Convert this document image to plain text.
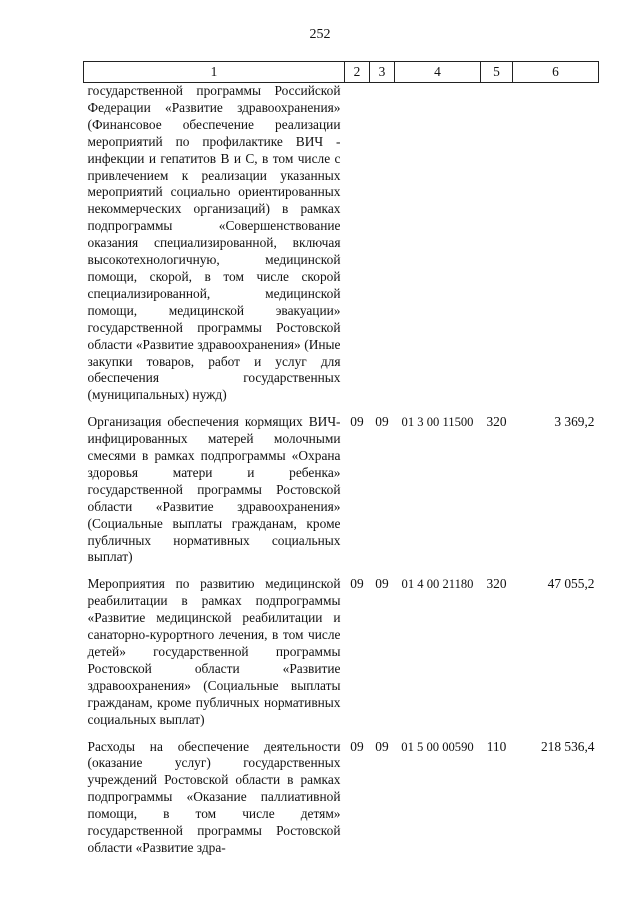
252
1	2	3	4	5	6
государственной программы Российской Федерации «Развитие здравоохранения» (Финансовое обеспечение реализации мероприятий по профилактике ВИЧ - инфекции и гепатитов В и С, в том числе с привлечением к реализации указанных мероприятий социально ориентированных некоммерческих организаций) в рамках подпрограммы «Совершенствование оказания специализированной, включая высокотехнологичную, медицинской помощи, скорой, в том числе скорой специализированной, медицинской помощи, медицинской эвакуации» государственной программы Ростовской области «Развитие здравоохранения» (Иные закупки товаров, работ и услуг для обеспечения государственных (муниципальных) нужд)					
Организация обеспечения кормящих ВИЧ-инфицированных матерей молочными смесями в рамках подпрограммы «Охрана здоровья матери и ребенка» государственной программы Ростовской области «Развитие здравоохранения» (Социальные выплаты гражданам, кроме публичных нормативных социальных выплат)	09	09	01 3 00 11500	320	3 369,2
Мероприятия по развитию медицинской реабилитации в рамках подпрограммы «Развитие медицинской реабилитации и санаторно-курортного лечения, в том числе детей» государственной программы Ростовской области «Развитие здравоохранения» (Социальные выплаты гражданам, кроме публичных нормативных социальных выплат)	09	09	01 4 00 21180	320	47 055,2
Расходы на обеспечение деятельности (оказание услуг) государственных учреждений Ростовской области в рамках подпрограммы «Оказание паллиативной помощи, в том числе детям» государственной программы Ростовской области «Развитие здра-	09	09	01 5 00 00590	110	218 536,4
